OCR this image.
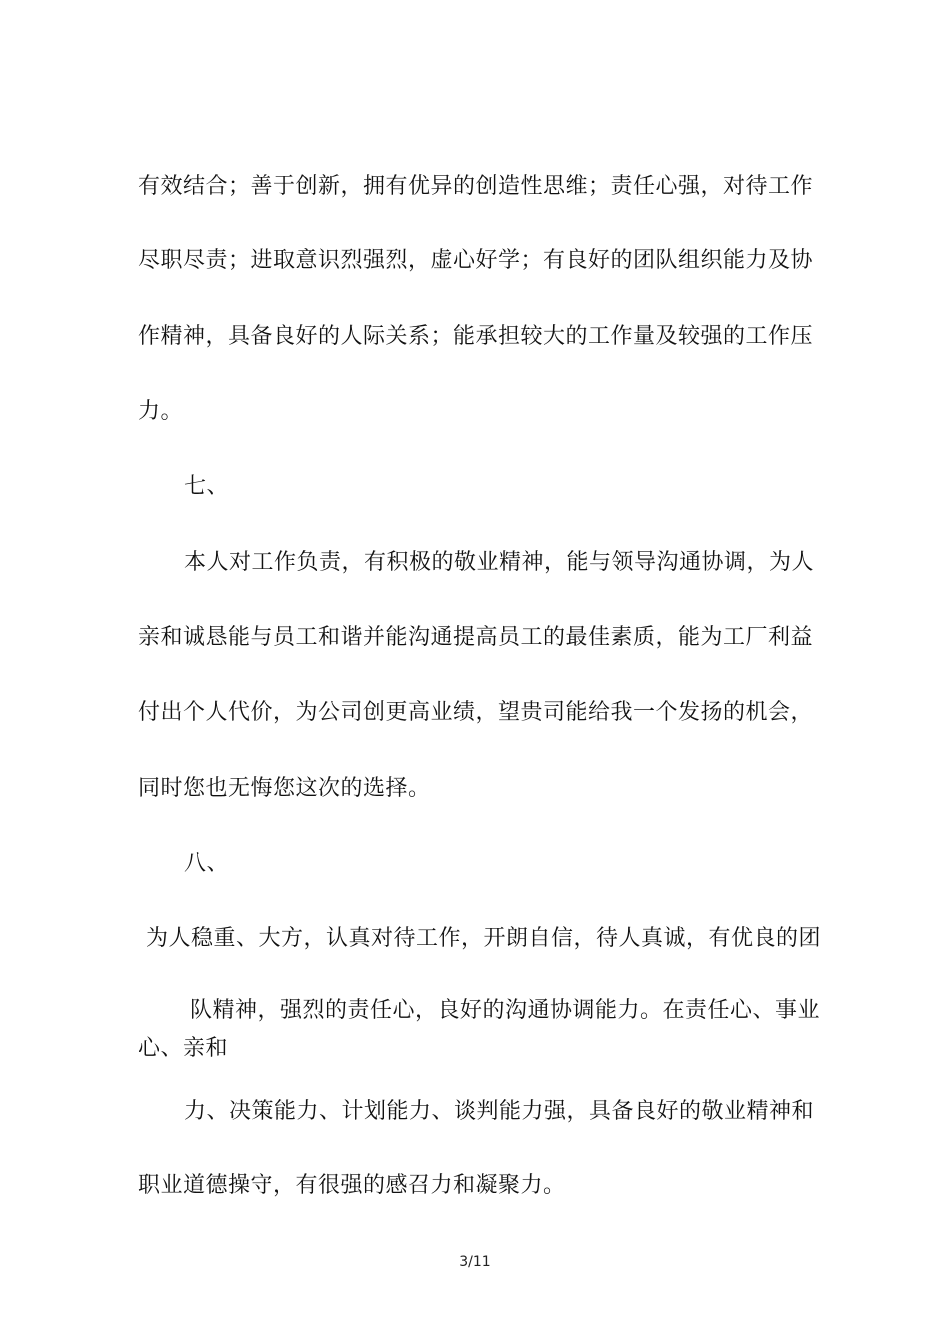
有效结合；善于创新，拥有优异的创造性思维；责任心强，对待工作
尽职尽责；进取意识烈强烈，虚心好学；有良好的团队组织能力及协
作精神，具备良好的人际关系；能承担较大的工作量及较强的工作压
力。
七、
本人对工作负责，有积极的敬业精神，能与领导沟通协调，为人
亲和诚恳能与员工和谐并能沟通提高员工的最佳素质，能为工厂利益
付出个人代价，为公司创更高业绩，望贵司能给我一个发扬的机会，
同时您也无悔您这次的选择。
八、
为人稳重、大方，认真对待工作，开朗自信，待人真诚，有优良的团
队精神，强烈的责任心，良好的沟通协调能力。在责任心、事业
心、亲和
力、决策能力、计划能力、谈判能力强，具备良好的敬业精神和
职业道德操守，有很强的感召力和凝聚力。
3/11
